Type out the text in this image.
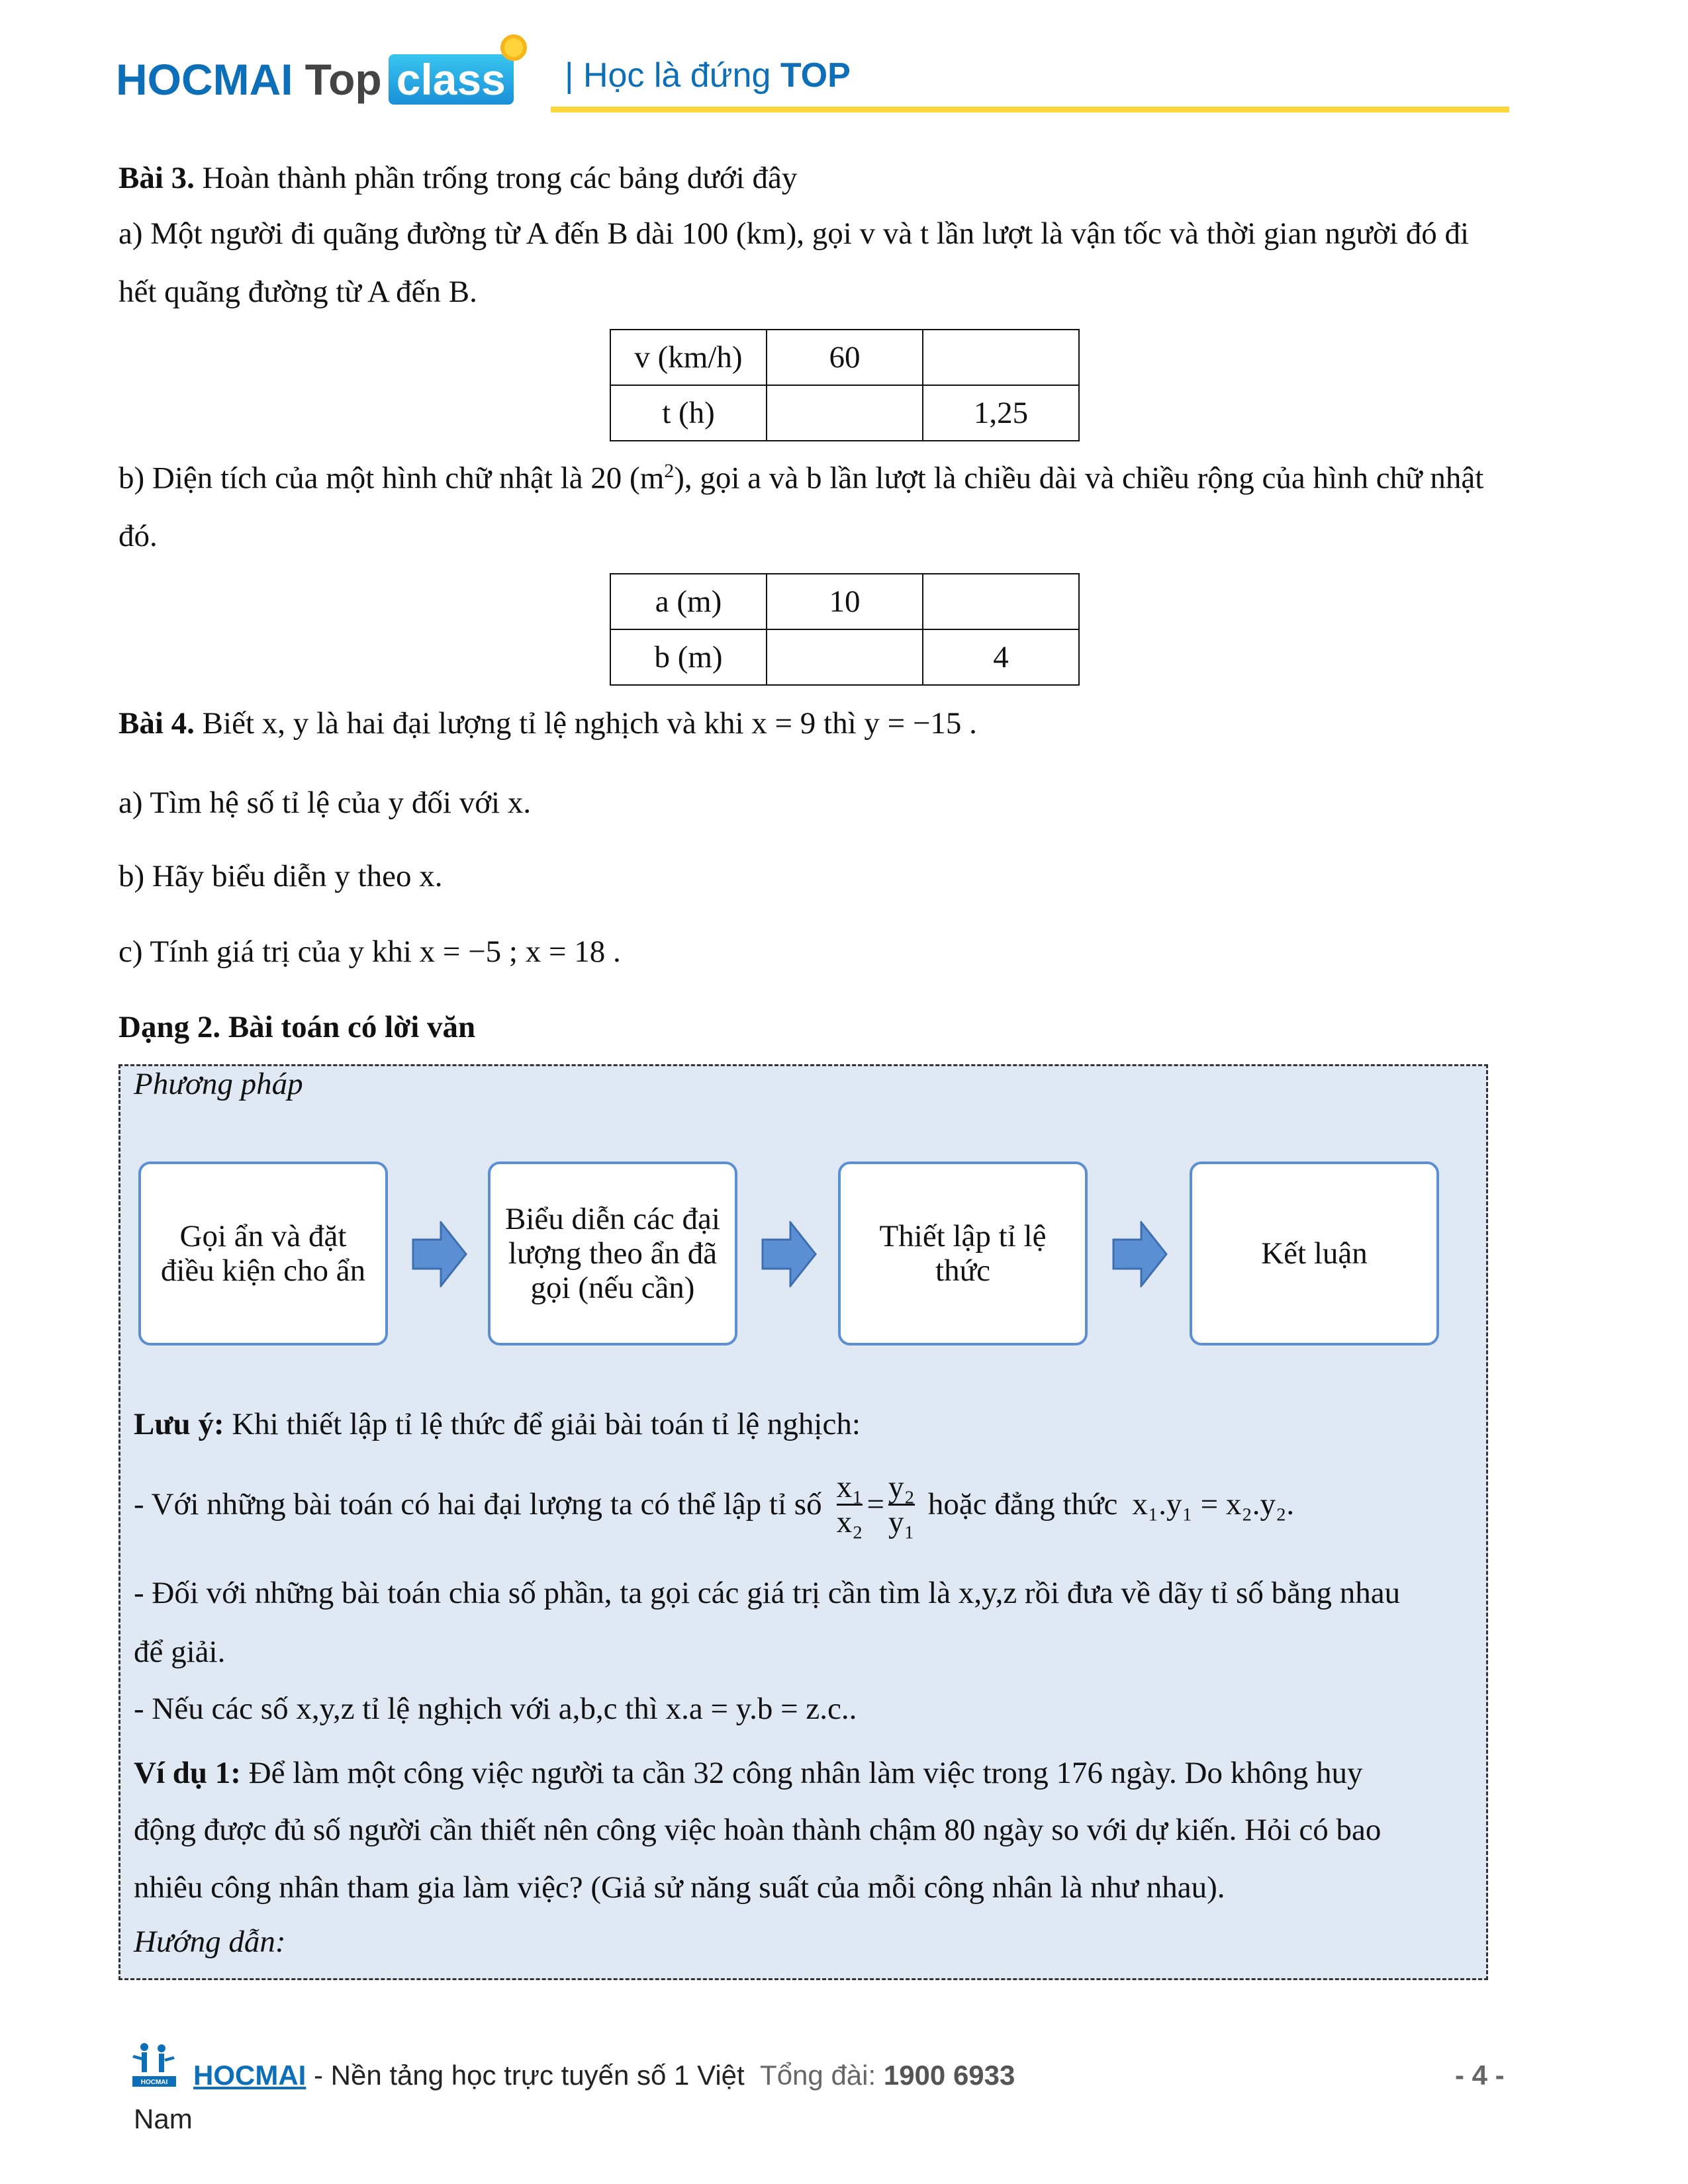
HOCMAI Top class | Học là đứng TOP
Bài 3. Hoàn thành phần trống trong các bảng dưới đây
a) Một người đi quãng đường từ A đến B dài 100 (km), gọi v và t lần lượt là vận tốc và thời gian người đó đi
hết quãng đường từ A đến B.
v (km/h)	60	
t (h)		1,25
b) Diện tích của một hình chữ nhật là 20 $(m^2)$, gọi a và b lần lượt là chiều dài và chiều rộng của hình chữ nhật
đó.
a (m)	10	
b (m)		4
Bài 4. Biết x, y là hai đại lượng tỉ lệ nghịch và khi x = 9 thì y = −15 .
a) Tìm hệ số tỉ lệ của y đối với x.
b) Hãy biểu diễn y theo x.
c) Tính giá trị của y khi x = −5 ; x = 18 .
Dạng 2. Bài toán có lời văn
Phương pháp
Gọi ẩn và đặt điều kiện cho ẩn
Biểu diễn các đại lượng theo ẩn đã gọi (nếu cần)
Thiết lập tỉ lệ thức	Kết luận
Lưu ý: Khi thiết lập tỉ lệ thức để giải bài toán tỉ lệ nghịch:
- Với những bài toán có hai đại lượng ta có thể lập tỉ số $\frac{\text{x₁}}{\text{x₂}} = \frac{\text{y₂}}{\text{y₁}}$ hoặc đẳng thức x₁.y₁ = x₂.y₂.
- Đối với những bài toán chia số phần, ta gọi các giá trị cần tìm là x,y,z rồi đưa về dãy tỉ số bằng nhau
để giải.
- Nếu các số x,y,z tỉ lệ nghịch với a,b,c thì x.a = y.b = z.c..
Ví dụ 1: Để làm một công việc người ta cần 32 công nhân làm việc trong 176 ngày. Do không huy
động được đủ số người cần thiết nên công việc hoàn thành chậm 80 ngày so với dự kiến. Hỏi có bao
nhiêu công nhân tham gia làm việc? (Giả sử năng suất của mỗi công nhân là như nhau).
Hướng dẫn:
HOCMAI HOCMAI - Nền tảng học trực tuyến số 1 Việt Tổng đài: 1900 6933
Nam
- 4 -
